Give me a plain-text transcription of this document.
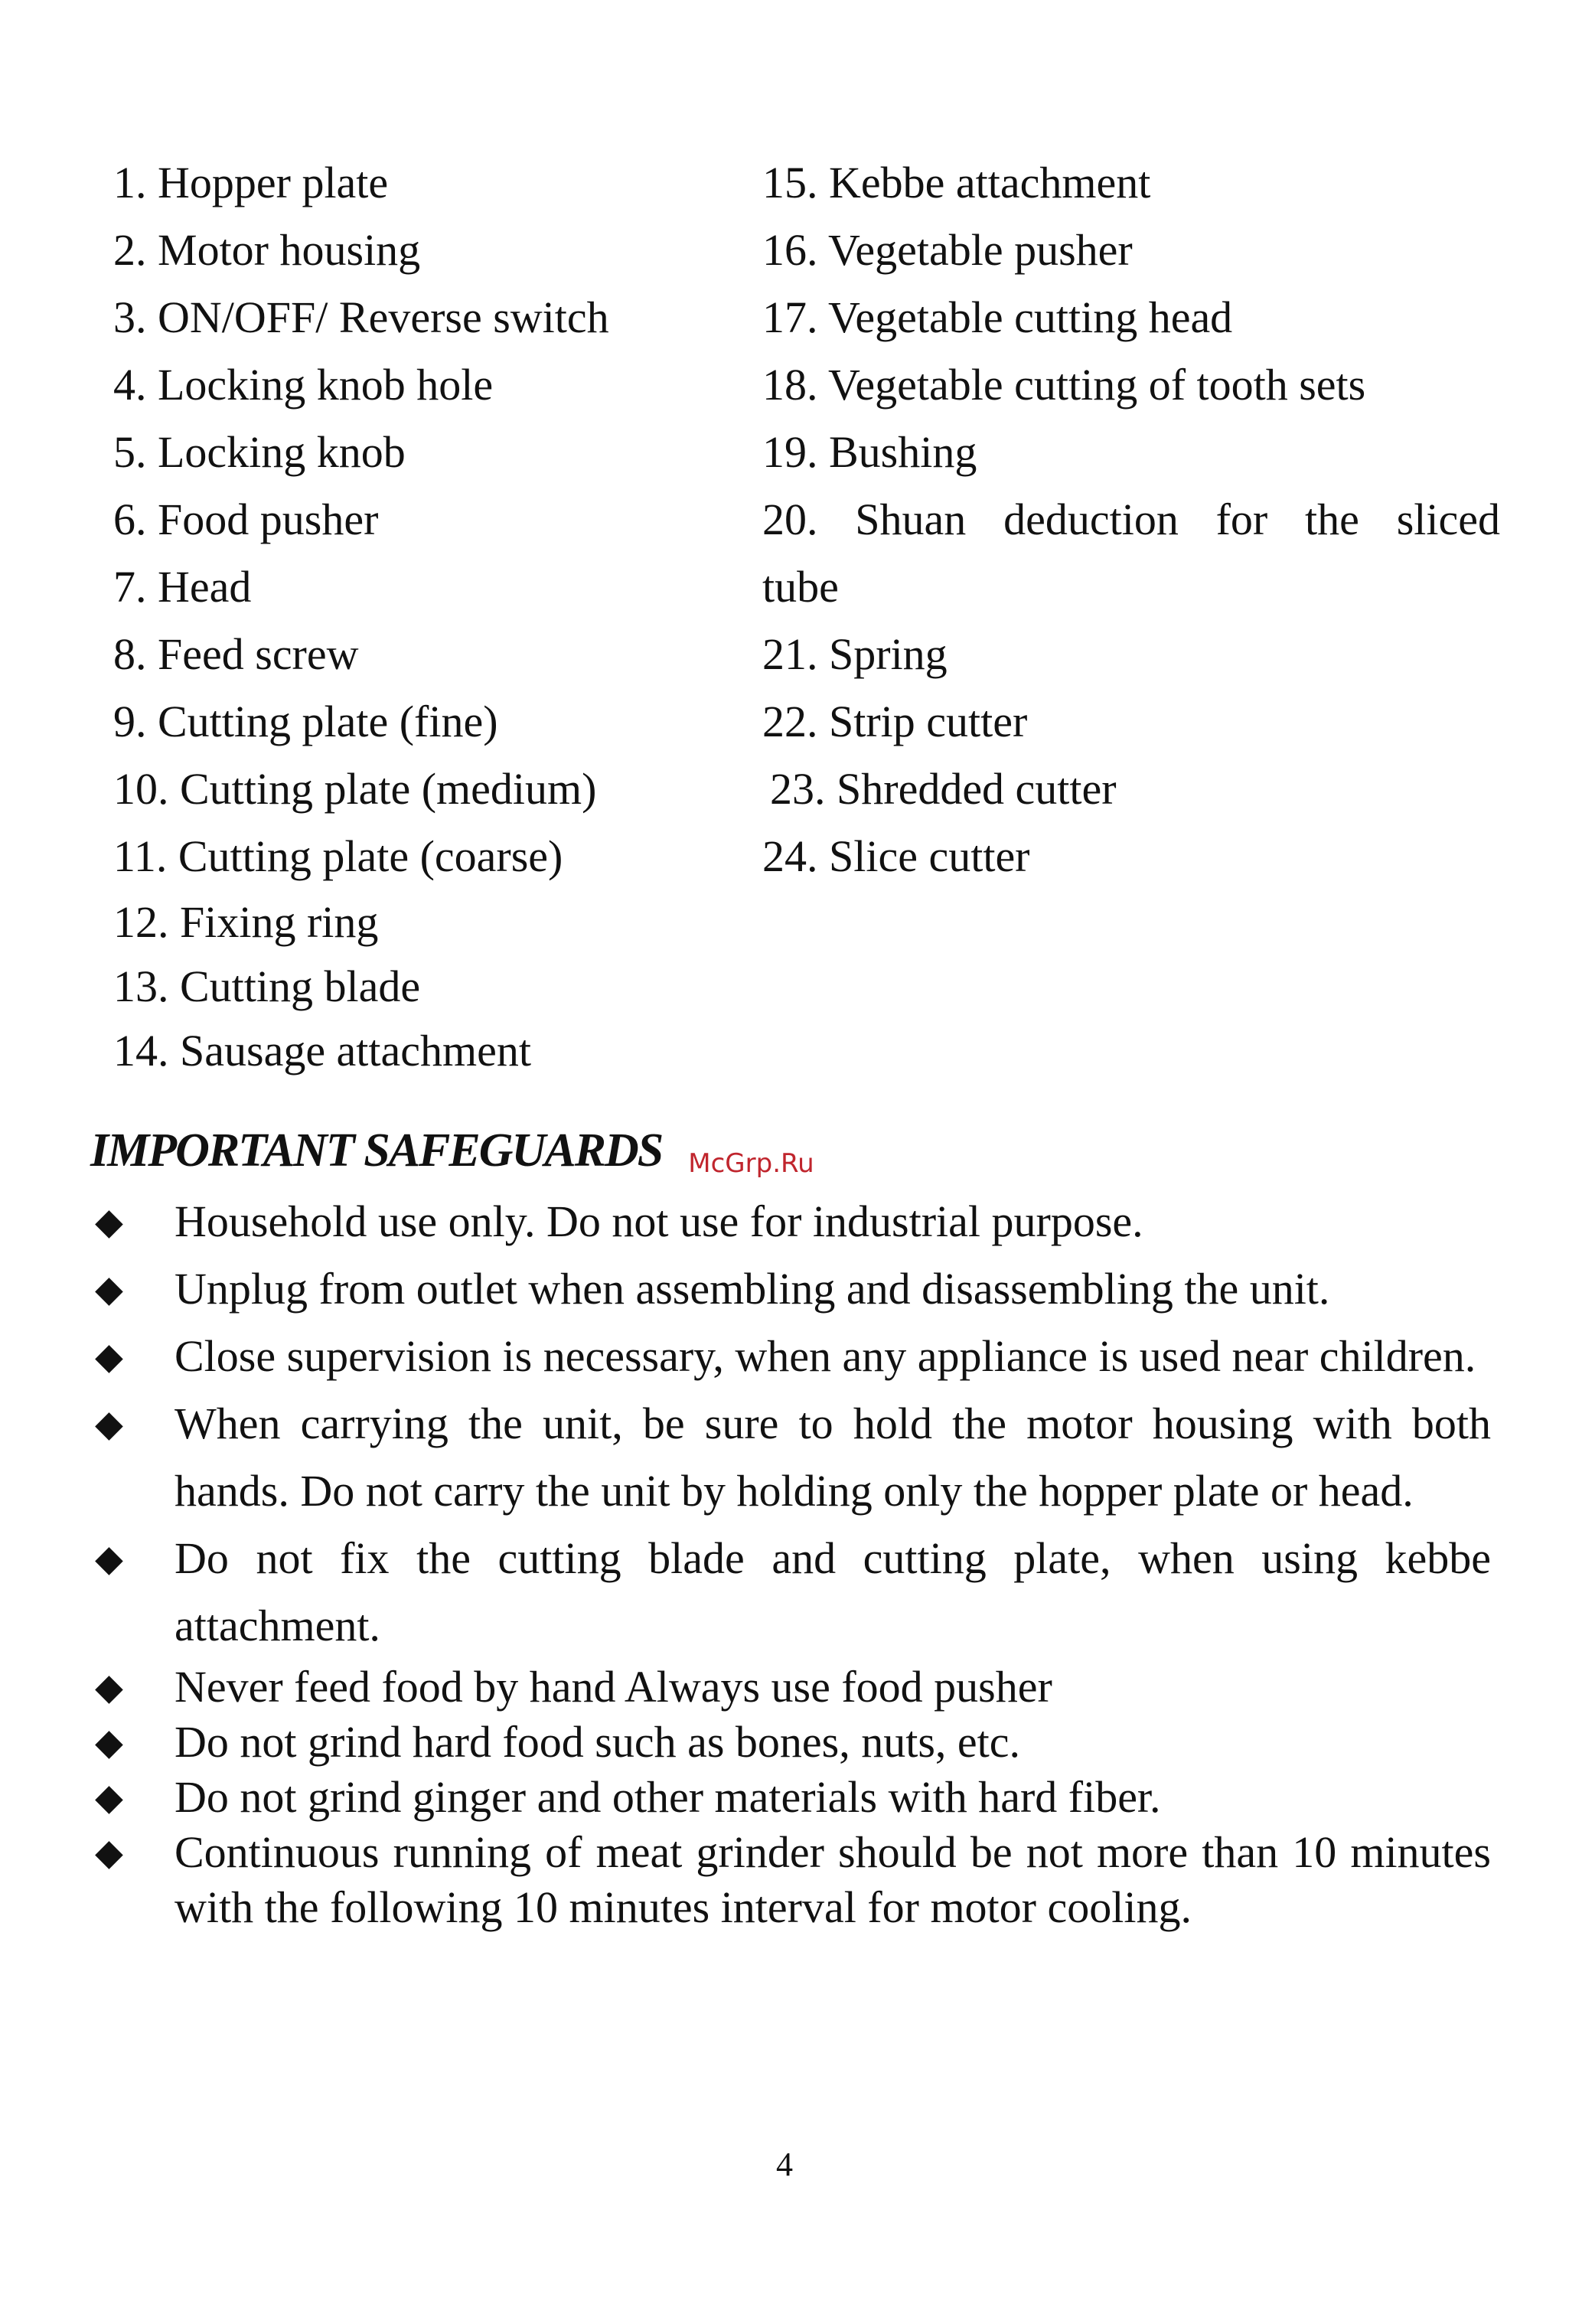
1. Hopper plate
2. Motor housing
3. ON/OFF/ Reverse switch
4. Locking knob hole
5. Locking knob
6. Food pusher
7. Head
8. Feed screw
9. Cutting plate (fine)
10. Cutting plate (medium)
11. Cutting plate (coarse)
12. Fixing ring
13. Cutting blade
14. Sausage attachment
15. Kebbe attachment
16. Vegetable pusher
17. Vegetable cutting head
18. Vegetable cutting of tooth sets
19. Bushing
20. Shuan deduction for the sliced tube
21. Spring
22. Strip cutter
23. Shredded cutter
24. Slice cutter
IMPORTANT SAFEGUARDS McGrp.Ru
◆ Household use only. Do not use for industrial purpose.
◆ Unplug from outlet when assembling and disassembling the unit.
◆ Close supervision is necessary, when any appliance is used near children.
◆ When carrying the unit, be sure to hold the motor housing with both hands. Do not carry the unit by holding only the hopper plate or head.
◆ Do not fix the cutting blade and cutting plate, when using kebbe attachment.
◆ Never feed food by hand Always use food pusher
◆ Do not grind hard food such as bones, nuts, etc.
◆ Do not grind ginger and other materials with hard fiber.
◆ Continuous running of meat grinder should be not more than 10 minutes with the following 10 minutes interval for motor cooling.
4
